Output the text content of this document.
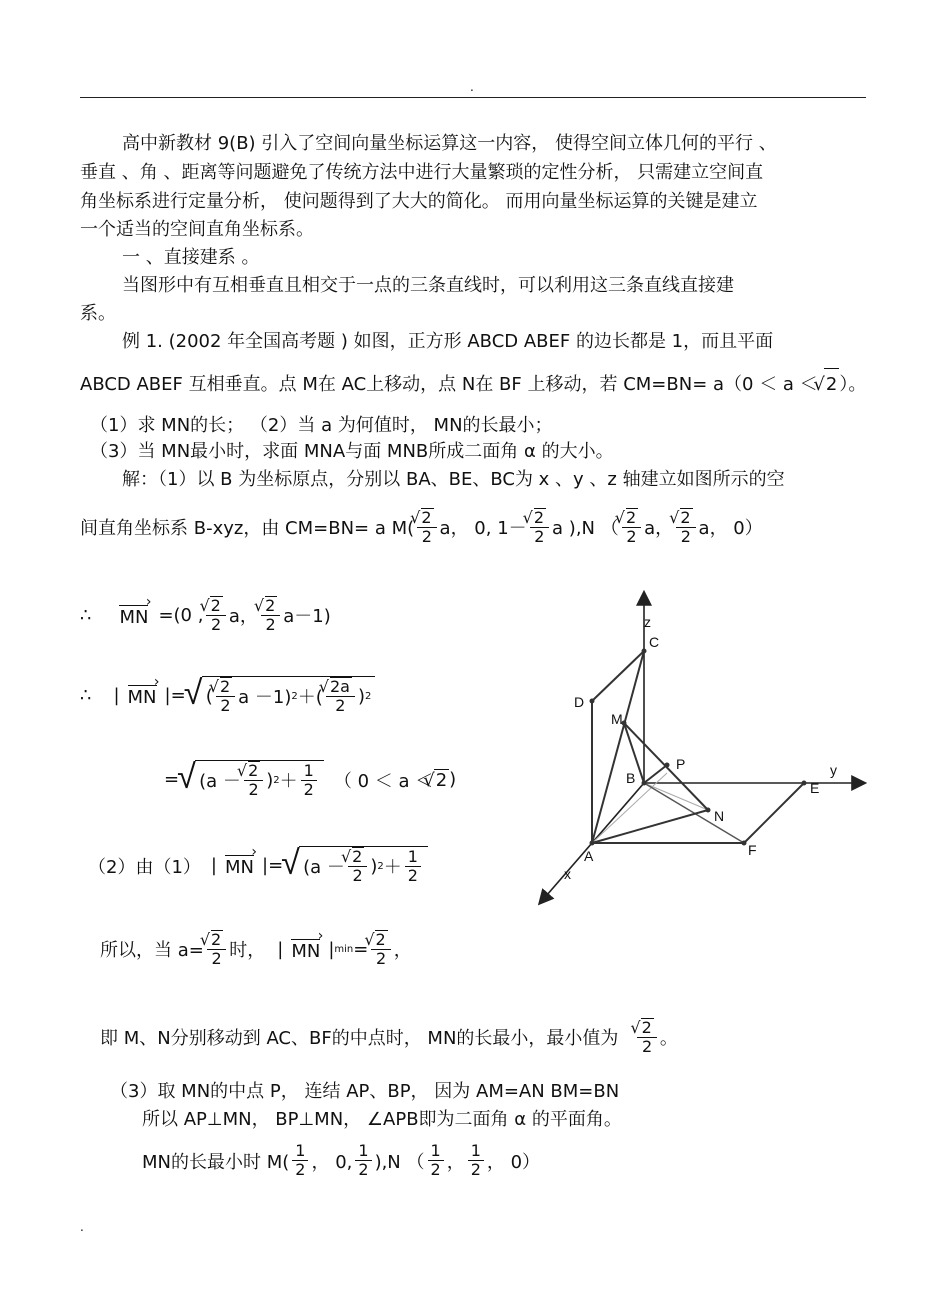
.
高中新教材 9(B) 引入了空间向量坐标运算这一内容， 使得空间立体几何的平行 、
垂直 、角 、距离等问题避免了传统方法中进行大量繁琐的定性分析， 只需建立空间直
角坐标系进行定量分析， 使问题得到了大大的简化。 而用向量坐标运算的关键是建立
一个适当的空间直角坐标系。
一 、直接建系 。
当图形中有互相垂直且相交于一点的三条直线时，可以利用这三条直线直接建
系。
例 1. (2002 年全国高考题 ) 如图，正方形 ABCD ABEF 的边长都是 1，而且平面
ABCD ABEF 互相垂直。点 M在 AC上移动，点 N在 BF 上移动，若 CM=BN= a（0 ＜ a ＜ √ 2 ）。
（1）求 MN的长； （2）当 a 为何值时， MN的长最小；
（3）当 MN最小时，求面 MNA与面 MNB所成二面角 α 的大小。
解：（1）以 B 为坐标原点，分别以 BA、BE、BC为 x 、y 、z 轴建立如图所示的空
间直角坐标系 B-xyz，由 CM=BN= a M( √ $\frac{2}{2}$ a， 0, 1－ √ $\frac{2}{2}$ a ),N （ √ $\frac{2}{2}$ a， √ $\frac{2}{2}$ a， 0）
∴ MN › =(0 , √ $\frac{2}{2}$ a， √ $\frac{2}{2} a-1$)
∴ | MN › | = √ ( √ $\frac{2}{2}$ a －1) 2 ＋( √ $\frac{2a}{2}$ ) 2
= √ (a － √ $\frac{2}{2}$ ) $2 + \frac{1}{2}$ （ 0 ＜ a ＜ √ 2 )
（2）由（1） | MN › | = √ (a － √ $\frac{2}{2}$ ) $2 + \frac{1}{2}$
所以，当 a= √ $\frac{2}{2}$ 时， | MN › | min = √ $\frac{2}{2}$ ，
即 M、N分别移动到 AC、BF的中点时， MN的长最小，最小值为 √ $\frac{2}{2}$ 。
（3）取 MN的中点 P， 连结 AP、BP， 因为 AM=AN BM=BN
所以 AP⊥MN， BP⊥MN， ∠APB即为二面角 α 的平面角。
MN的长最小时 $M( \frac{1}{2}$ ， 0, $\frac{1}{2} ),N$ （ $\frac{1}{2}$ ， $\frac{1}{2}$ ， 0）
z
y
x
A
B
C
D
E
F
M
N
P
.
